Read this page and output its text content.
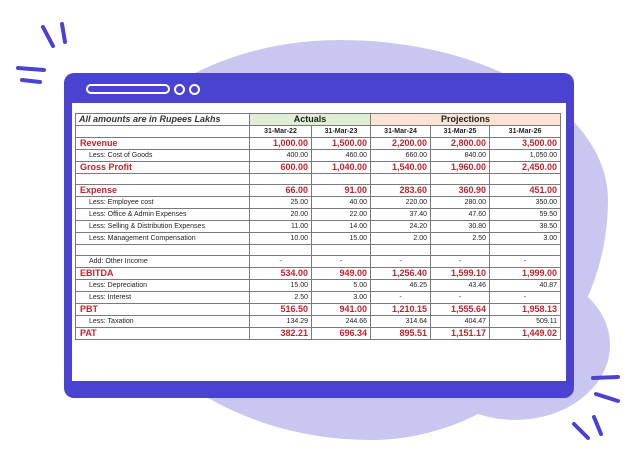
All amounts are in Rupees Lakhs	Actuals		Projections		
	31-Mar-22	31-Mar-23	31-Mar-24	31-Mar-25	31-Mar-26
Revenue	1,000.00	1,500.00	2,200.00	2,800.00	3,500.00
Less: Cost of Goods	400.00	460.00	660.00	840.00	1,050.00
Gross Profit	600.00	1,040.00	1,540.00	1,960.00	2,450.00

Expense	66.00	91.00	283.60	360.90	451.00
Less: Employee cost	25.00	40.00	220.00	280.00	350.00
Less: Office & Admin Expenses	20.00	22.00	37.40	47.60	59.50
Less: Selling & Distribution Expenses	11.00	14.00	24.20	30.80	38.50
Less: Management Compensation	10.00	15.00	2.00	2.50	3.00

Add: Other Income	-	-	-	-	-
EBITDA	534.00	949.00	1,256.40	1,599.10	1,999.00
Less: Depreciation	15.00	5.00	46.25	43.46	40.87
Less: Interest	2.50	3.00	-	-	-
PBT	516.50	941.00	1,210.15	1,555.64	1,958.13
Less: Taxation	134.29	244.66	314.64	404.47	509.11
PAT	382.21	696.34	895.51	1,151.17	1,449.02
